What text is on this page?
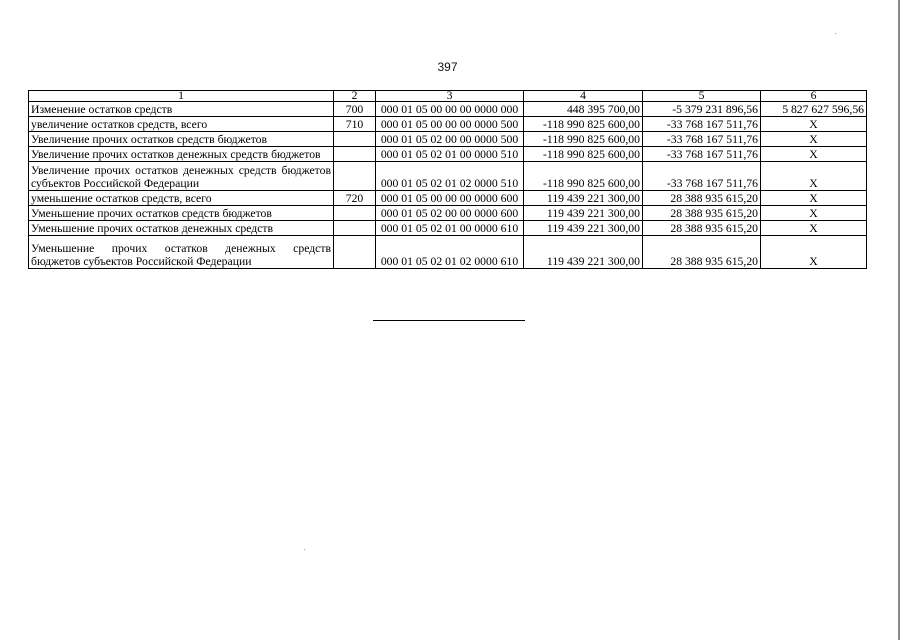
397
1	2	3	4	5	6
Изменение остатков средств	700	000 01 05 00 00 00 0000 000	448 395 700,00	-5 379 231 896,56	5 827 627 596,56
увеличение остатков средств, всего	710	000 01 05 00 00 00 0000 500	-118 990 825 600,00	-33 768 167 511,76	X
Увеличение прочих остатков средств бюджетов		000 01 05 02 00 00 0000 500	-118 990 825 600,00	-33 768 167 511,76	X
Увеличение прочих остатков денежных средств бюджетов		000 01 05 02 01 00 0000 510	-118 990 825 600,00	-33 768 167 511,76	X

Увеличение прочих остатков денежных средств бюджетов
субъектов Российской Федерации		000 01 05 02 01 02 0000 510	-118 990 825 600,00	-33 768 167 511,76	X
уменьшение остатков средств, всего	720	000 01 05 00 00 00 0000 600	119 439 221 300,00	28 388 935 615,20	X
Уменьшение прочих остатков средств бюджетов		000 01 05 02 00 00 0000 600	119 439 221 300,00	28 388 935 615,20	X
Уменьшение прочих остатков денежных средств		000 01 05 02 01 00 0000 610	119 439 221 300,00	28 388 935 615,20	X

Уменьшение прочих остатков денежных средств
бюджетов субъектов Российской Федерации		000 01 05 02 01 02 0000 610	119 439 221 300,00	28 388 935 615,20	X
